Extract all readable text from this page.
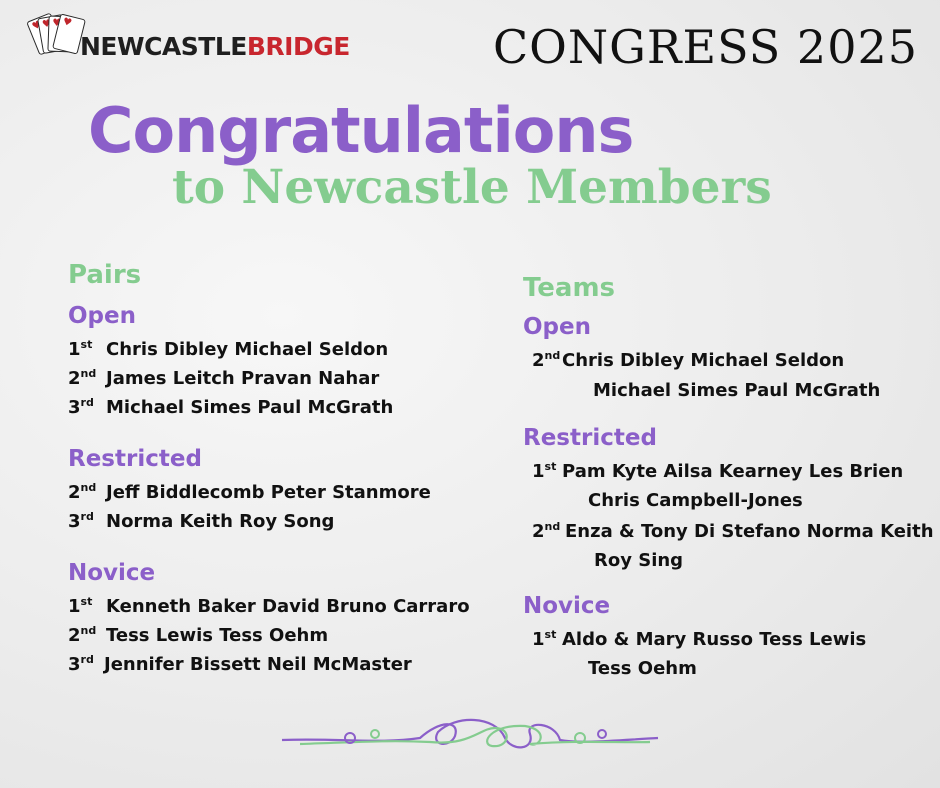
♥
♥
♥
♥
NEWCASTLEBRIDGE	CONGRESS 2025
Congratulations
to Newcastle Members
Pairs
Open
1st Chris Dibley Michael Seldon
2nd James Leitch Pravan Nahar
3rd Michael Simes Paul McGrath
Restricted
2nd Jeff Biddlecomb Peter Stanmore
3rd Norma Keith Roy Song
Novice
1st Kenneth Baker David Bruno Carraro
2nd Tess Lewis Tess Oehm
3rd Jennifer Bissett Neil McMaster
Teams
Open
2ndChris Dibley Michael Seldon
Michael Simes Paul McGrath
Restricted
1st Pam Kyte Ailsa Kearney Les Brien
Chris Campbell-Jones
2nd Enza & Tony Di Stefano Norma Keith
Roy Sing
Novice
1st Aldo & Mary Russo Tess Lewis
Tess Oehm
